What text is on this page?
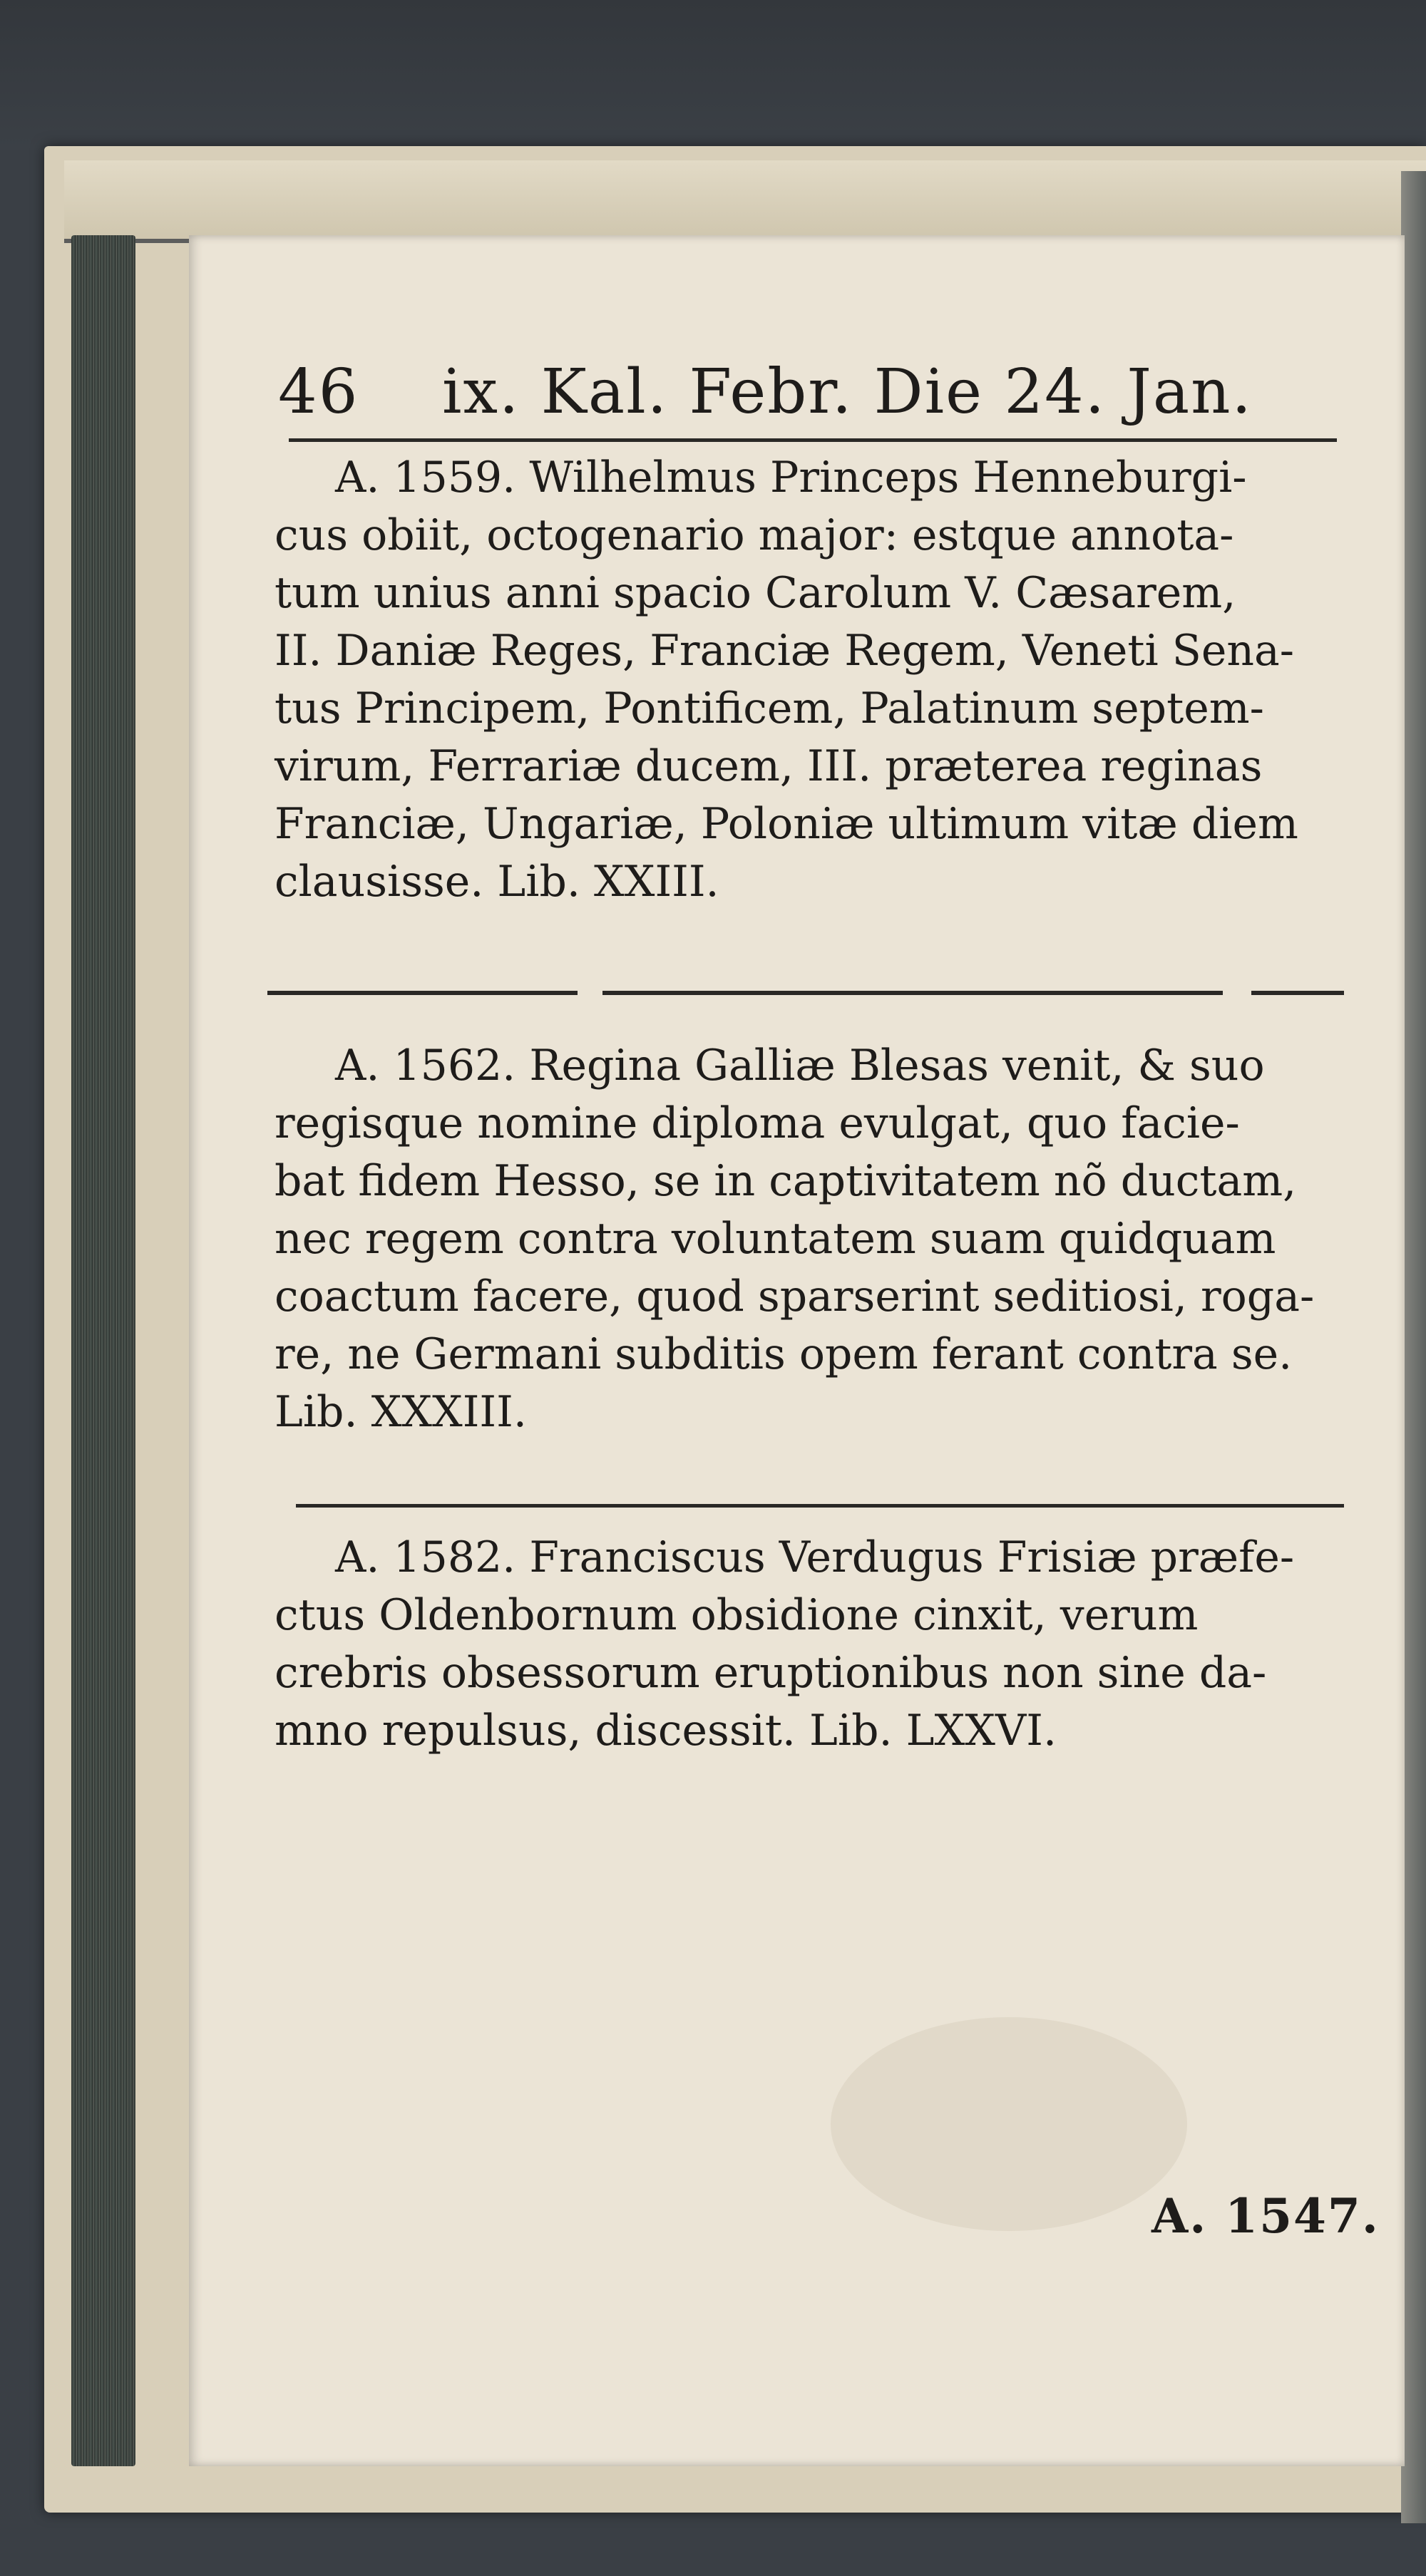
46	ix. Kal. Febr. Die 24. Jan.

A. 1559. Wilhelmus Princeps Henneburgi-
cus obiit, octogenario major: estque annota-
tum unius anni spacio Carolum V. Cæsarem,
II. Daniæ Reges, Franciæ Regem, Veneti Sena-
tus Principem, Pontificem, Palatinum septem-
virum, Ferrariæ ducem, III. præterea reginas
Franciæ, Ungariæ, Poloniæ ultimum vitæ diem
clausisse. Lib. XXIII.

A. 1562. Regina Galliæ Blesas venit, & suo
regisque nomine diploma evulgat, quo facie-
bat fidem Hesso, se in captivitatem nõ ductam,
nec regem contra voluntatem suam quidquam
coactum facere, quod sparserint seditiosi, roga-
re, ne Germani subditis opem ferant contra se.
Lib. XXXIII.

A. 1582. Franciscus Verdugus Frisiæ præfe-
ctus Oldenbornum obsidione cinxit, verum
crebris obsessorum eruptionibus non sine da-
mno repulsus, discessit. Lib. LXXVI.

A. 1547.
